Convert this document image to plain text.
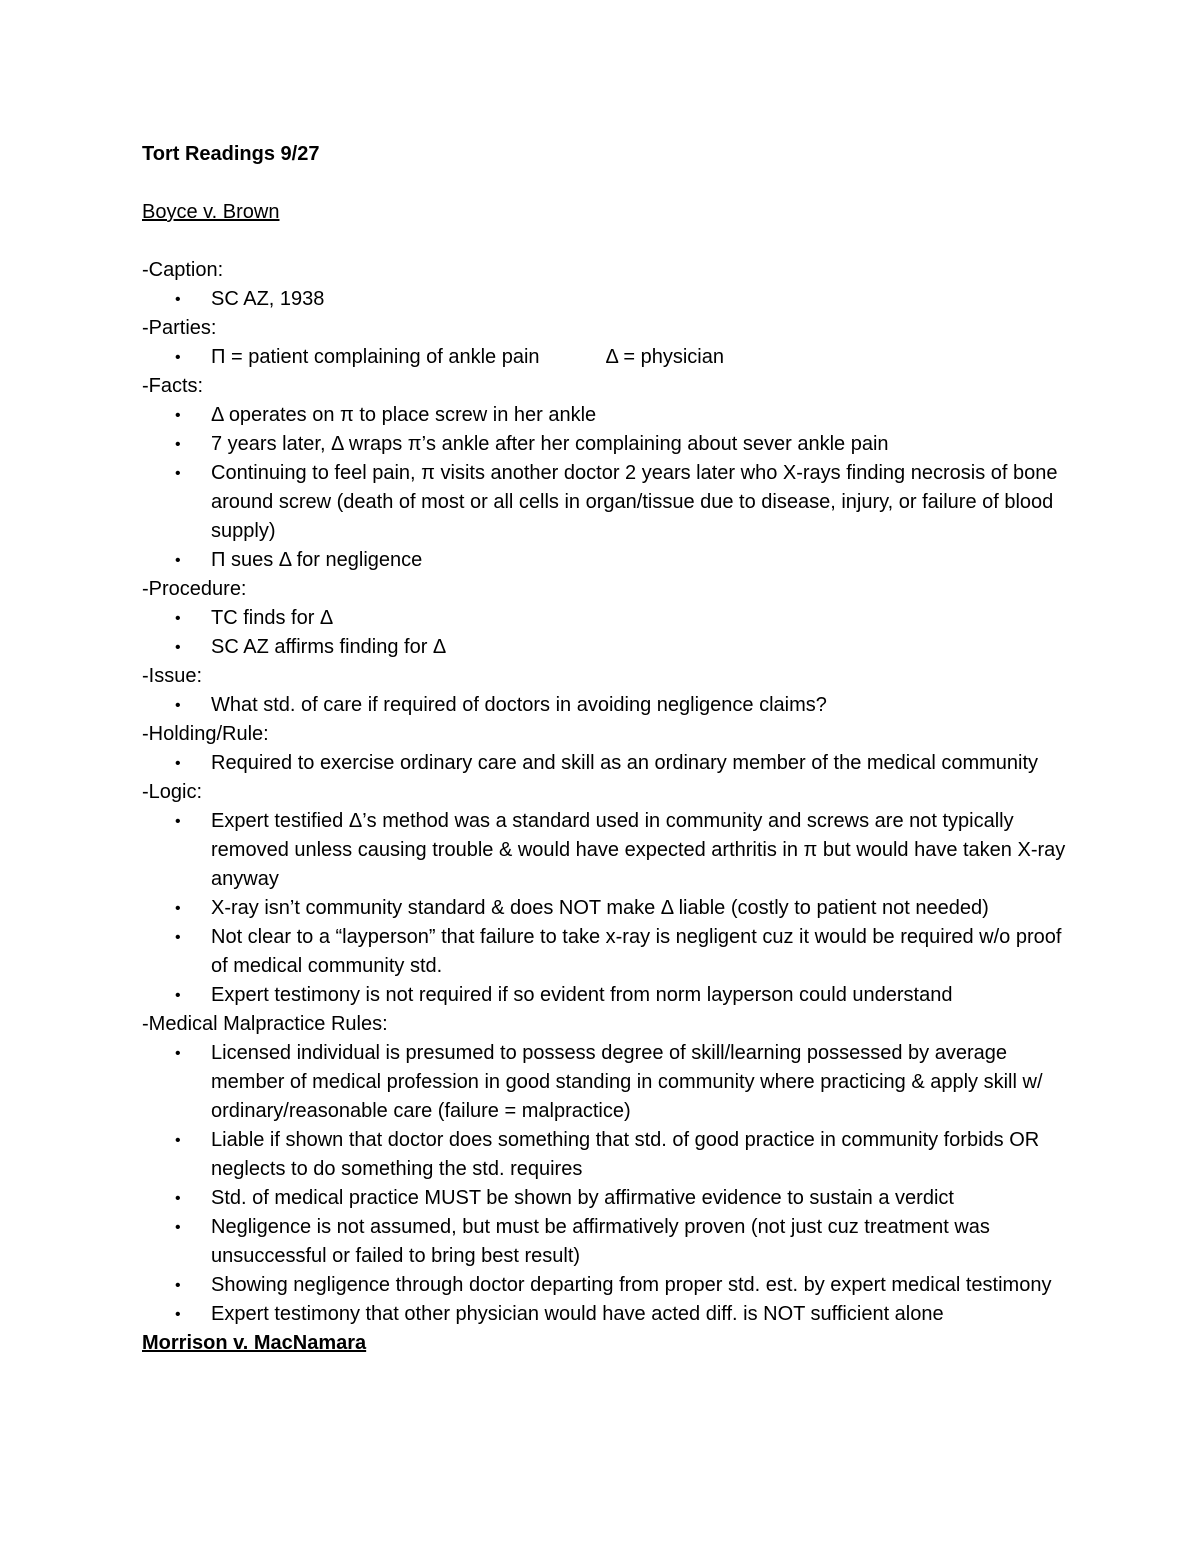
Tort Readings 9/27

Boyce v. Brown

-Caption:

• SC AZ, 1938

-Parties:

• Π = patient complaining of ankle pain	Δ = physician

-Facts:

• Δ operates on π to place screw in her ankle
• 7 years later, Δ wraps π’s ankle after her complaining about sever ankle pain
• Continuing to feel pain, π visits another doctor 2 years later who X-rays finding necrosis of bone around screw (death of most or all cells in organ/tissue due to disease, injury, or failure of blood supply)
• Π sues Δ for negligence

-Procedure:

• TC finds for Δ
• SC AZ affirms finding for Δ

-Issue:

• What std. of care if required of doctors in avoiding negligence claims?

-Holding/Rule:

• Required to exercise ordinary care and skill as an ordinary member of the medical community

-Logic:

• Expert testified Δ’s method was a standard used in community and screws are not typically removed unless causing trouble & would have expected arthritis in π but would have taken X-ray anyway
• X-ray isn’t community standard & does NOT make Δ liable (costly to patient not needed)
• Not clear to a “layperson” that failure to take x-ray is negligent cuz it would be required w/o proof of medical community std.
• Expert testimony is not required if so evident from norm layperson could understand

-Medical Malpractice Rules:

• Licensed individual is presumed to possess degree of skill/learning possessed by average member of medical profession in good standing in community where practicing & apply skill w/ ordinary/reasonable care (failure = malpractice)
• Liable if shown that doctor does something that std. of good practice in community forbids OR neglects to do something the std. requires
• Std. of medical practice MUST be shown by affirmative evidence to sustain a verdict
• Negligence is not assumed, but must be affirmatively proven (not just cuz treatment was unsuccessful or failed to bring best result)
• Showing negligence through doctor departing from proper std. est. by expert medical testimony
• Expert testimony that other physician would have acted diff. is NOT sufficient alone

Morrison v. MacNamara
